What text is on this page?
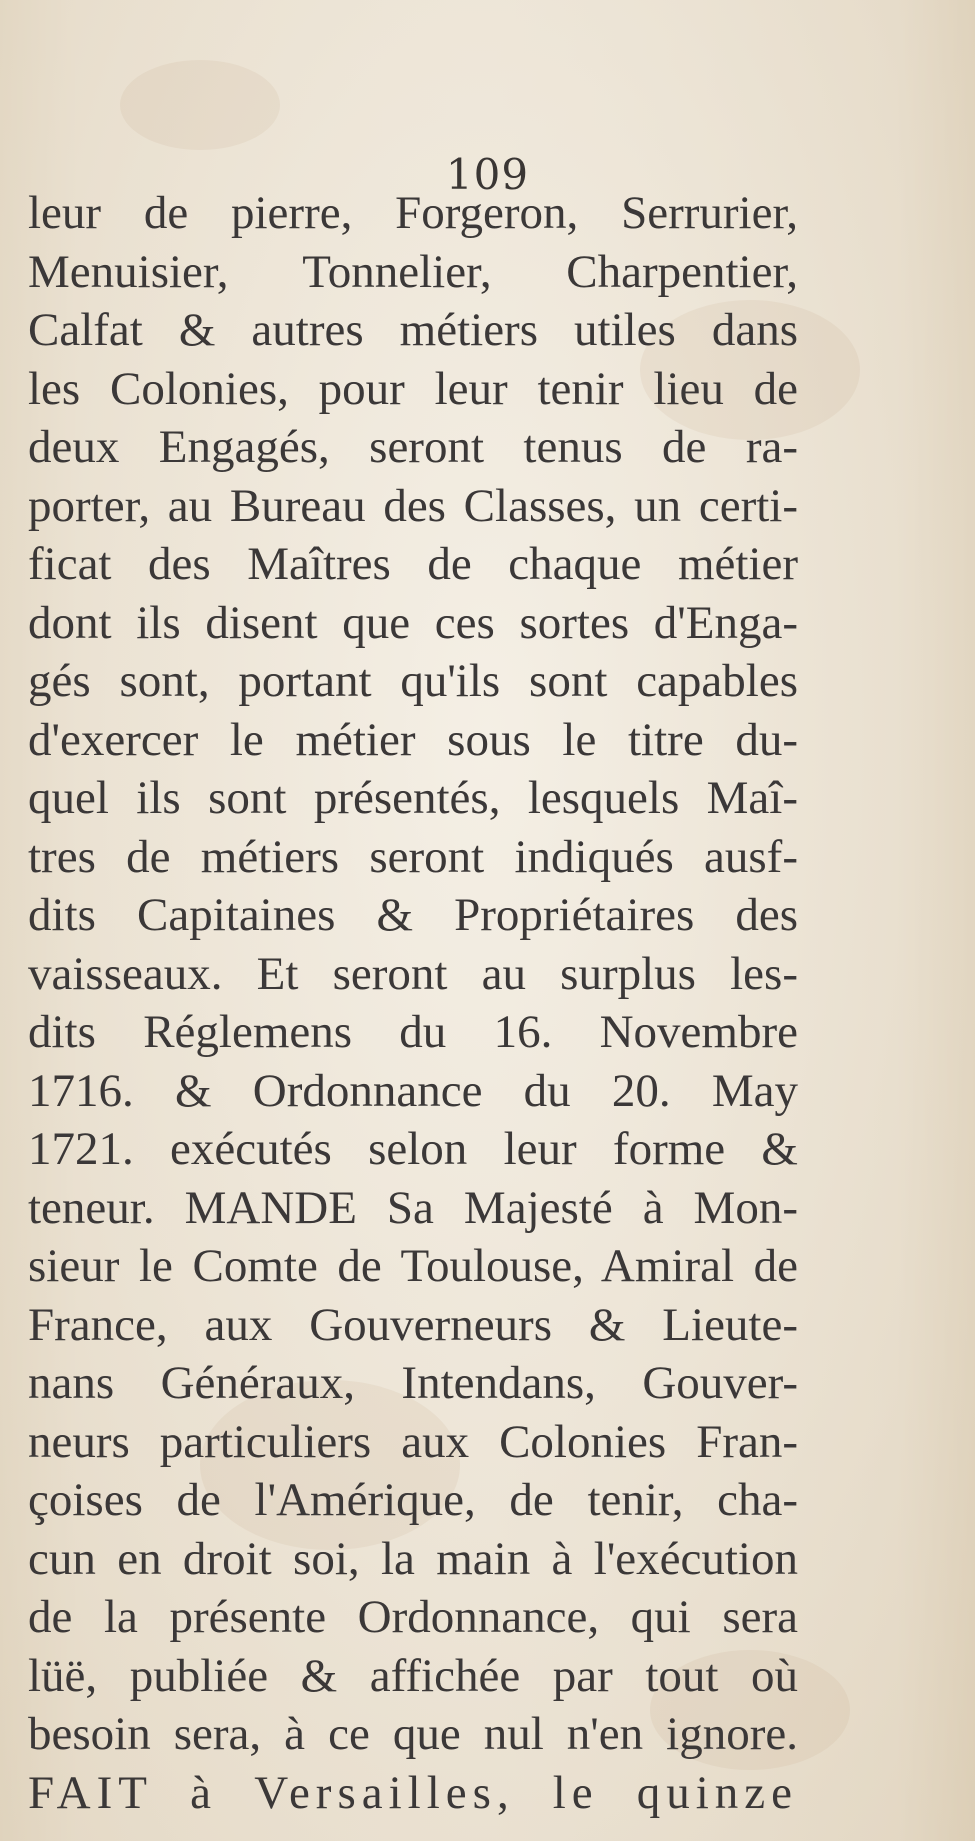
109
leur de pierre, Forgeron, Serrurier,
Menuisier, Tonnelier, Charpentier,
Calfat & autres métiers utiles dans
les Colonies, pour leur tenir lieu de
deux Engagés, seront tenus de ra-
porter, au Bureau des Classes, un certi-
ficat des Maîtres de chaque métier
dont ils disent que ces sortes d'Enga-
gés sont, portant qu'ils sont capables
d'exercer le métier sous le titre du-
quel ils sont présentés, lesquels Maî-
tres de métiers seront indiqués ausf-
dits Capitaines & Propriétaires des
vaisseaux. Et seront au surplus les-
dits Réglemens du 16. Novembre
1716. & Ordonnance du 20. May
1721. exécutés selon leur forme &
teneur. MANDE Sa Majesté à Mon-
sieur le Comte de Toulouse, Amiral de
France, aux Gouverneurs & Lieute-
nans Généraux, Intendans, Gouver-
neurs particuliers aux Colonies Fran-
çoises de l'Amérique, de tenir, cha-
cun en droit soi, la main à l'exécution
de la présente Ordonnance, qui sera
lüë, publiée & affichée par tout où
besoin sera, à ce que nul n'en ignore.
FAIT à Versailles, le quinze
